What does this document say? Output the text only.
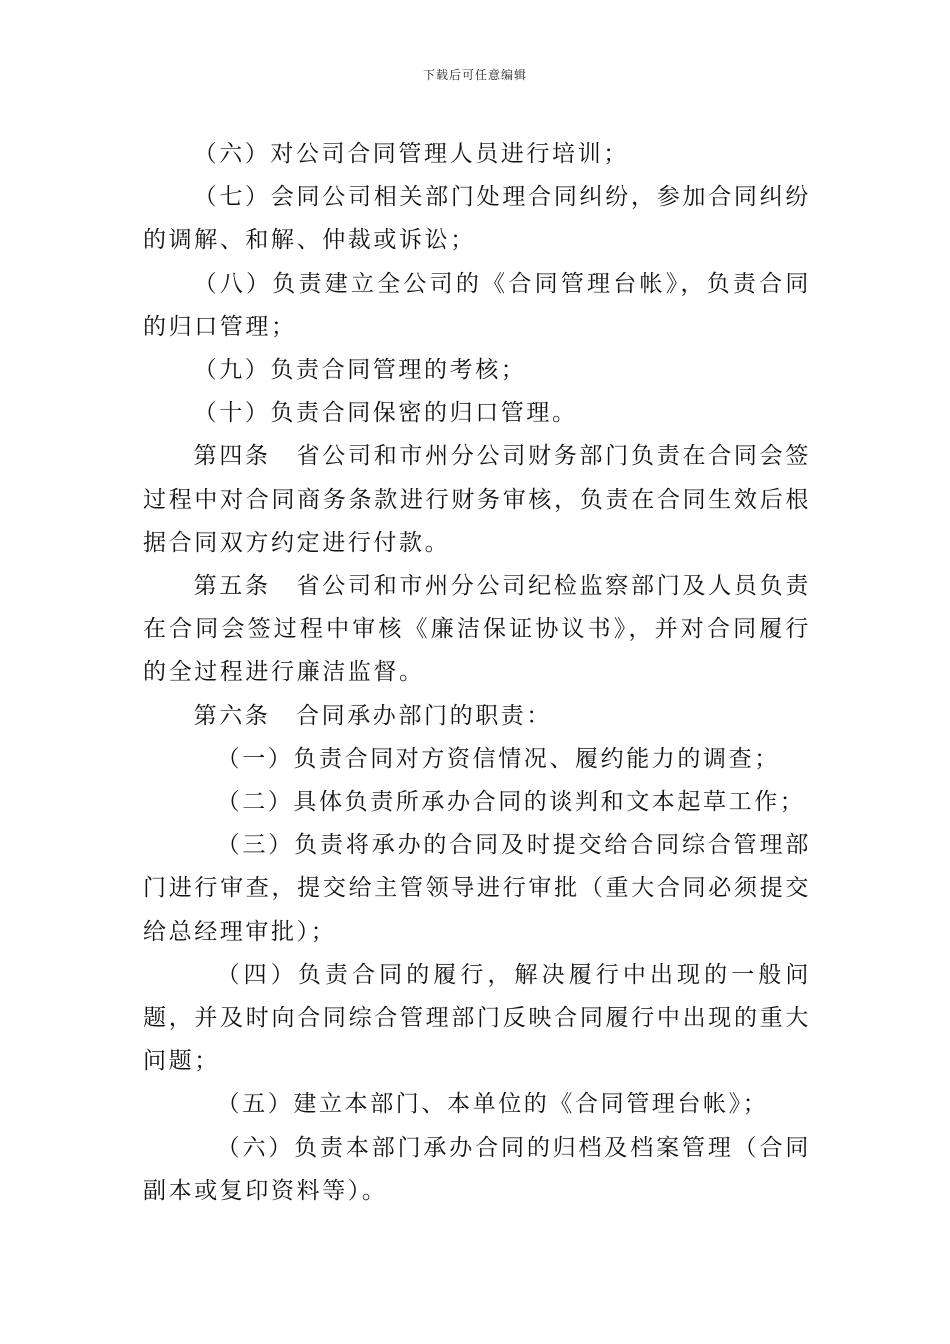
下载后可任意编辑

（六）对公司合同管理人员进行培训；

（七）会同公司相关部门处理合同纠纷，参加合同纠纷的调解、和解、仲裁或诉讼；

（八）负责建立全公司的《合同管理台帐》，负责合同的归口管理；

（九）负责合同管理的考核；

（十）负责合同保密的归口管理。

第四条　省公司和市州分公司财务部门负责在合同会签过程中对合同商务条款进行财务审核，负责在合同生效后根据合同双方约定进行付款。

第五条　省公司和市州分公司纪检监察部门及人员负责在合同会签过程中审核《廉洁保证协议书》，并对合同履行的全过程进行廉洁监督。

第六条　合同承办部门的职责：

（一）负责合同对方资信情况、履约能力的调查；

（二）具体负责所承办合同的谈判和文本起草工作；

（三）负责将承办的合同及时提交给合同综合管理部门进行审查，提交给主管领导进行审批（重大合同必须提交给总经理审批）；

（四）负责合同的履行，解决履行中出现的一般问题，并及时向合同综合管理部门反映合同履行中出现的重大问题；

（五）建立本部门、本单位的《合同管理台帐》；

（六）负责本部门承办合同的归档及档案管理（合同副本或复印资料等）。
